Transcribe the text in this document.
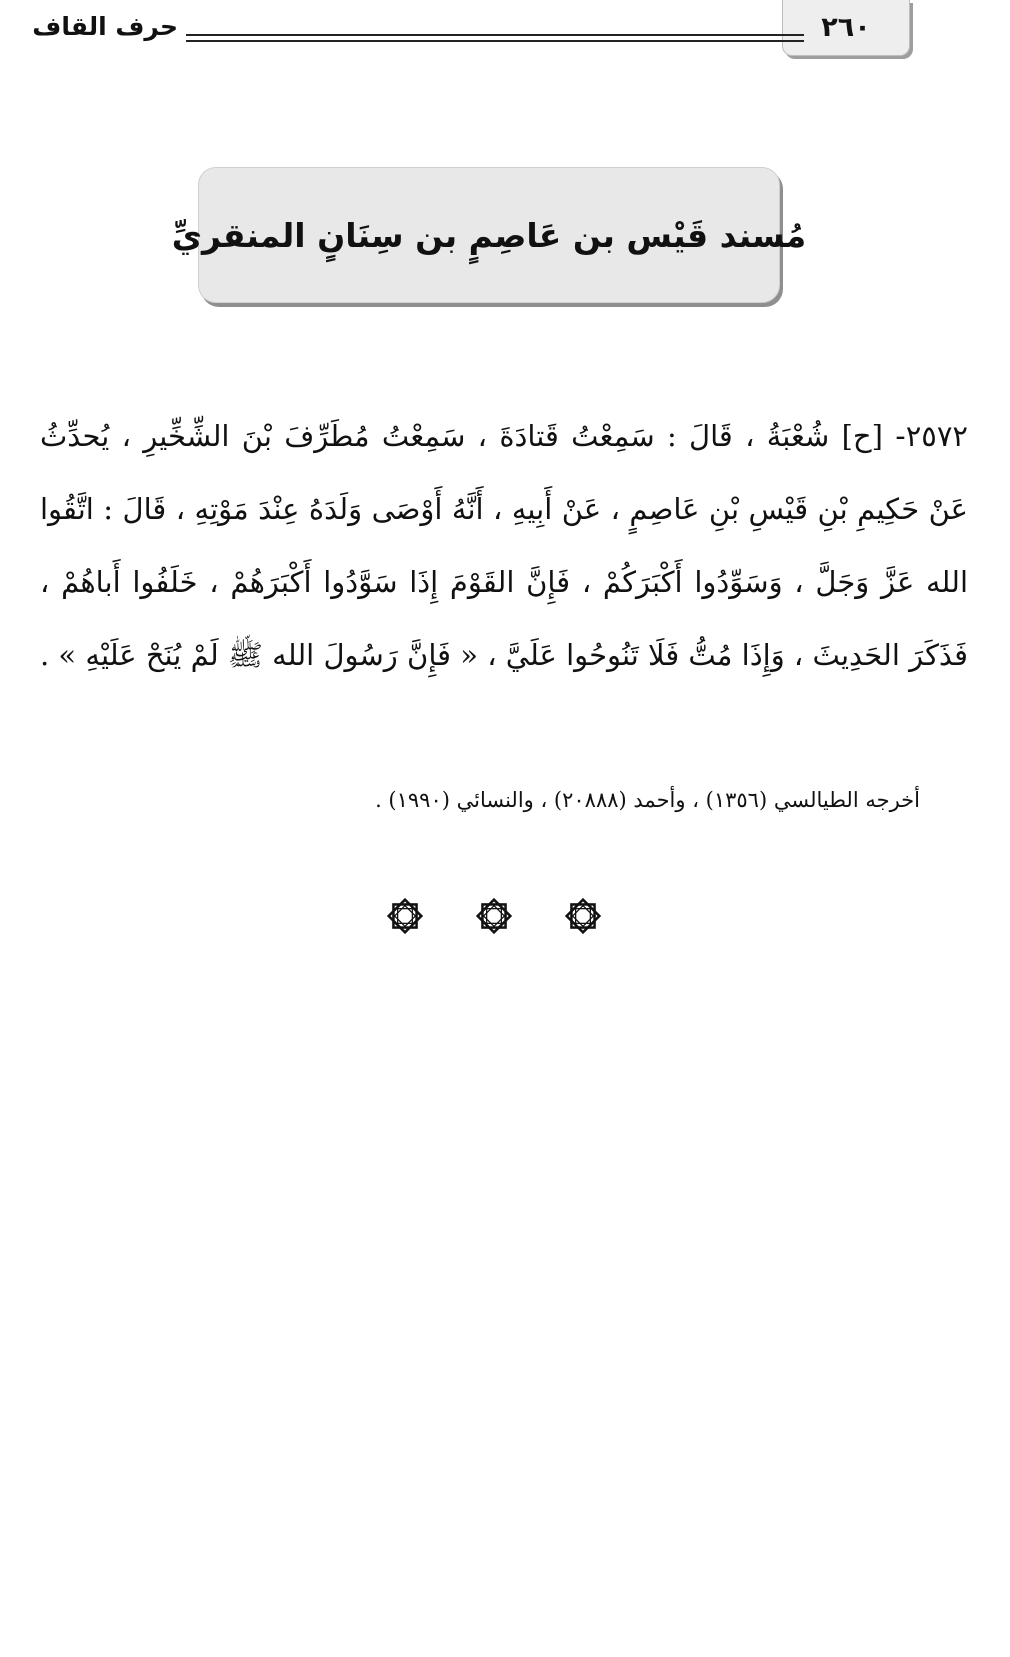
٢٦٠
حرف القاف
مُسند قَيْس بن عَاصِمٍ بن سِنَانٍ المنقريِّ

٢٥٧٢- [ح] شُعْبَةُ ، قَالَ : سَمِعْتُ قَتادَةَ ، سَمِعْتُ مُطَرِّفَ بْنَ الشِّخِّيرِ ، يُحدِّثُ عَنْ حَكِيمِ بْنِ قَيْسِ بْنِ عَاصِمٍ ، عَنْ أَبِيهِ ، أَنَّهُ أَوْصَى وَلَدَهُ عِنْدَ مَوْتِهِ ، قَالَ : اتَّقُوا الله عَزَّ وَجَلَّ ، وَسَوِّدُوا أَكْبَرَكُمْ ، فَإِنَّ القَوْمَ إِذَا سَوَّدُوا أَكْبَرَهُمْ ، خَلَفُوا أَباهُمْ ، فَذَكَرَ الحَدِيثَ ، وَإِذَا مُتُّ فَلَا تَنُوحُوا عَلَيَّ ، « فَإِنَّ رَسُولَ الله ﷺ لَمْ يُنَحْ عَلَيْهِ » .

أخرجه الطيالسي (١٣٥٦) ، وأحمد (٢٠٨٨٨) ، والنسائي (١٩٩٠) .
